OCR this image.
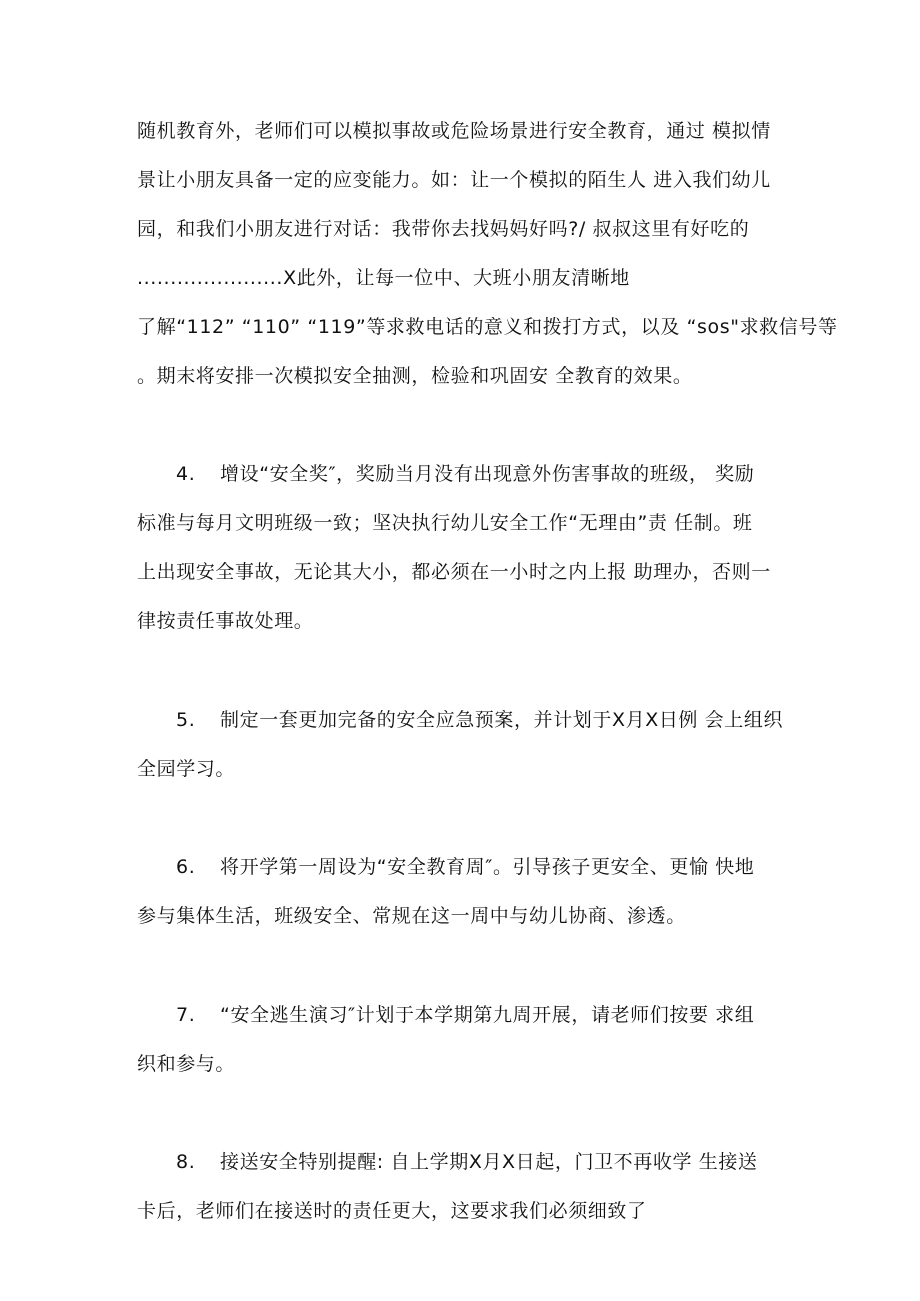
随机教育外，老师们可以模拟事故或危险场景进行安全教育，通过 模拟情
景让小朋友具备一定的应变能力。如：让一个模拟的陌生人 进入我们幼儿
园，和我们小朋友进行对话：我带你去找妈妈好吗?/ 叔叔这里有好吃的
......................X此外，让每一位中、大班小朋友清晰地
了解“112” “110” “119”等求救电话的意义和拨打方式，以及 “sos"求救信号等
。期末将安排一次模拟安全抽测，检验和巩固安 全教育的效果。
4. 增设“安全奖″，奖励当月没有出现意外伤害事故的班级， 奖励
标准与每月文明班级一致；坚决执行幼儿安全工作“无理由”责 任制。班
上出现安全事故，无论其大小，都必须在一小时之内上报 助理办，否则一
律按责任事故处理。
5. 制定一套更加完备的安全应急预案，并计划于X月X日例 会上组织
全园学习。
6. 将开学第一周设为“安全教育周″。引导孩子更安全、更愉 快地
参与集体生活，班级安全、常规在这一周中与幼儿协商、渗透。
7. “安全逃生演习″计划于本学期第九周开展，请老师们按要 求组
织和参与。
8. 接送安全特别提醒: 自上学期X月X日起，门卫不再收学 生接送
卡后，老师们在接送时的责任更大，这要求我们必须细致了
